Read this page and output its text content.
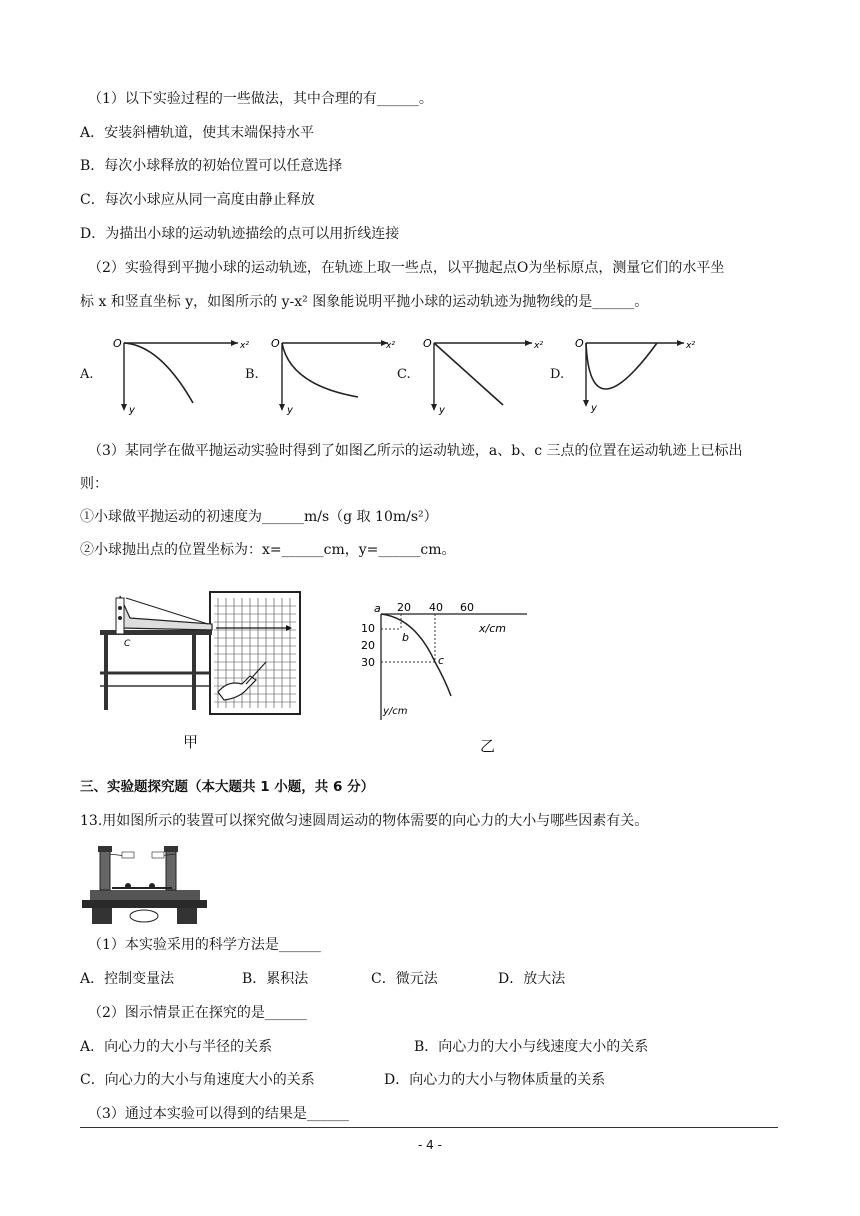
（1）以下实验过程的一些做法，其中合理的有______。
A．安装斜槽轨道，使其末端保持水平
B．每次小球释放的初始位置可以任意选择
C．每次小球应从同一高度由静止释放
D．为描出小球的运动轨迹描绘的点可以用折线连接
（2）实验得到平抛小球的运动轨迹，在轨迹上取一些点，以平抛起点O为坐标原点，测量它们的水平坐
标 x 和竖直坐标 y，如图所示的 y-x² 图象能说明平抛小球的运动轨迹为抛物线的是______。
A.
O	x²
y
B.
O	x²
y
C.
O	x²
y
D.
O	x²
y
（3）某同学在做平抛运动实验时得到了如图乙所示的运动轨迹，a、b、c 三点的位置在运动轨迹上已标出
则：
①小球做平抛运动的初速度为______m/s（g 取 10m/s²）
②小球抛出点的位置坐标为：x=______cm，y=______cm。
C
甲
a 20 40 60
x/cm
10
20
30
y/cm
b
c
乙
三、实验题探究题（本大题共 1 小题，共 6 分）
13.用如图所示的装置可以探究做匀速圆周运动的物体需要的向心力的大小与哪些因素有关。
（1）本实验采用的科学方法是______
A．控制变量法	B．累积法	C．微元法	D．放大法
（2）图示情景正在探究的是______
A．向心力的大小与半径的关系	B．向心力的大小与线速度大小的关系
C．向心力的大小与角速度大小的关系	D．向心力的大小与物体质量的关系
（3）通过本实验可以得到的结果是______
- 4 -
